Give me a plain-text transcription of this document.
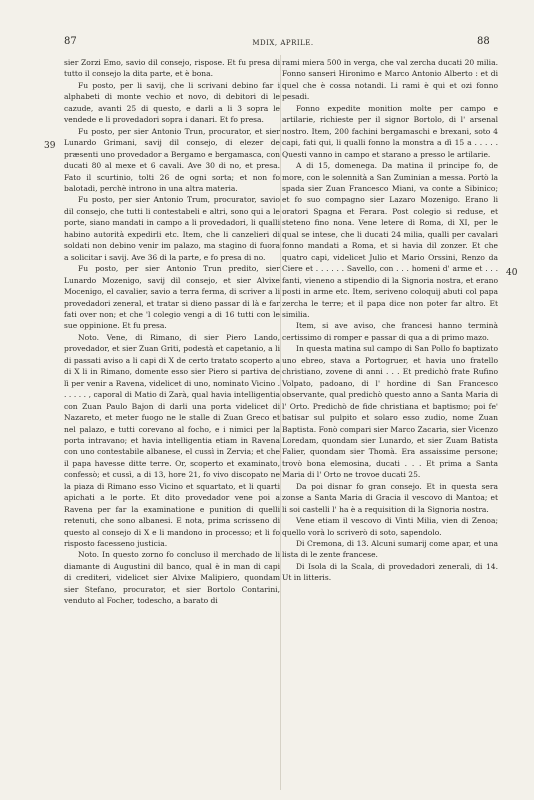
87	MDIX, APRILE.	88
39
40

sier Zorzi Emo, savio dil consejo, rispose. Et fu presa di tutto il consejo la dita parte, et è bona.

Fu posto, per li savij, che li scrivani debino far i alphabeti di monte vechio et novo, di debitori di le cazude, avanti 25 di questo, e darli a li 3 sopra le vendede e li provedadori sopra i danari. Et fo presa.

Fu posto, per sier Antonio Trun, procurator, et sier Lunardo Grimani, savij dil consejo, di elezer de præsenti uno provedador a Bergamo e bergamasca, con ducati 80 al mexe et 6 cavali. Ave 30 di no, et presa. Fato il scurtinio, tolti 26 de ogni sorta; et non fo balotadi, perchè introno in una altra materia.

Fu posto, per sier Antonio Trum, procurator, savio dil consejo, che tutti li contestabeli e altri, sono qui a le porte, siano mandati in campo a li provedadori, li qualli habino autorità expedirli etc. Item, che li canzelieri di soldati non debino venir im palazo, ma stagino di fuora a solicitar i savij. Ave 36 di la parte, e fo presa di no.

Fu posto, per sier Antonio Trun predito, sier Lunardo Mozenigo, savij dil consejo, et sier Alvixe Mocenigo, el cavalier, savio a terra ferma, di scriver a li provedadori zeneral, et tratar si dieno passar di là e far fati over non; et che 'l colegio vengi a di 16 tutti con le sue oppinione. Et fu presa.

Noto. Vene, di Rimano, di sier Piero Lando, provedador, et sier Zuan Griti, podestà et capetanio, a li di passati aviso a li capi di X de certo tratato scoperto a di X li in Rimano, domente esso sier Piero si partiva de lì per venir a Ravena, videlicet di uno, nominato Vicino . . . . . . , caporal di Matio di Zarà, qual havia intelligentia con Zuan Paulo Bajon di darli una porta videlicet di Nazareto, et meter fuogo ne le stalle di Zuan Greco et nel palazo, e tutti corevano al focho, e i nimici per la porta intravano; et havia intelligentia etiam in Ravena con uno contestabile albanese, el cussì in Zervia; et che il papa havesse ditte terre. Or, scoperto et examinato, confessò; et cussì, a di 13, hore 21, fo vivo discopato ne la piaza di Rimano esso Vicino et squartato, et li quarti apichati a le porte. Et dito provedador vene poi a Ravena per far la examinatione e punition di quelli retenuti, che sono albanesi. E nota, prima scrisseno di questo al consejo di X e li mandono in processo; et li fo risposto facesseno justicia.

Noto. In questo zorno fo concluso il merchado de li diamante di Augustini dil banco, qual è in man di capi di crediteri, videlicet sier Alvixe Malipiero, quondam sier Stefano, procurator, et sier Bortolo Contarini, venduto al Focher, todescho, a barato di

rami miera 500 in verga, che val zercha ducati 20 milia. Fonno sanseri Hironimo e Marco Antonio Alberto : et di quel che è cossa notandi. Li rami è qui et ozi fonno pesadi.

Fonno expedite monition molte per campo e artilarie, richieste per il signor Bortolo, di l' arsenal nostro. Item, 200 fachini bergamaschi e brexani, soto 4 capi, fati qui, li qualli fonno la monstra a dì 15 a . . . . . Questi vanno in campo et starano a presso le artilarie.

A di 15, domenega. Da matina il principe fo, de more, con le solennità a San Zuminian a messa. Portò la spada sier Zuan Francesco Miani, va conte a Sibinico; et fo suo compagno sier Lazaro Mozenigo. Erano li oratori Spagna et Ferara. Post colegio si reduse, et steteno fino nona. Vene letere di Roma, di XI, per le qual se intese, che li ducati 24 milia, qualli per cavalari fonno mandati a Roma, et si havia dil zonzer. Et che quatro capi, videlicet Julio et Mario Orssini, Renzo da Ciere et . . . . . . Savello, con . . . homeni d' arme et . . . fanti, vieneno a stipendio di la Signoria nostra, et erano posti in arme etc. Item, seriveno coloquij abuti col papa zercha le terre; et il papa dice non poter far altro. Et similia.

Item, si ave aviso, che francesi hanno terminà certissimo di romper e passar di qua a di primo mazo.

In questa matina sul campo di San Pollo fo baptizato uno ebreo, stava a Portogruer, et havia uno fratello christiano, zovene di anni . . . Et predichò frate Rufino Volpato, padoano, di l' hordine di San Francesco observante, qual predichò questo anno a Santa Maria di l' Orto. Predichò de fide christiana et baptismo; poi fe' batisar sul pulpito et solaro esso zudio, nome Zuan Baptista. Fonò compari sier Marco Zacaria, sier Vicenzo Loredam, quondam sier Lunardo, et sier Zuam Batista Falier, quondam sier Thomà. Era assaissime persone; trovò bona elemosina, ducati . . . Et prima a Santa Maria di l' Orto ne trovoe ducati 25.

Da poi disnar fo gran consejo. Et in questa sera zonse a Santa Maria di Gracia il vescovo di Mantoa; et li soi castelli l' ha è a requisition di la Signoria nostra.

Vene etiam il vescovo di Vinti Milia, vien di Zenoa; quello vorà lo scriverò di soto, sapendolo.

Di Cremona, di 13. Alcuni sumarij come apar, et una lista di le zente francese.

Di Isola di la Scala, di provedadori zenerali, di 14. Ut in litteris.
